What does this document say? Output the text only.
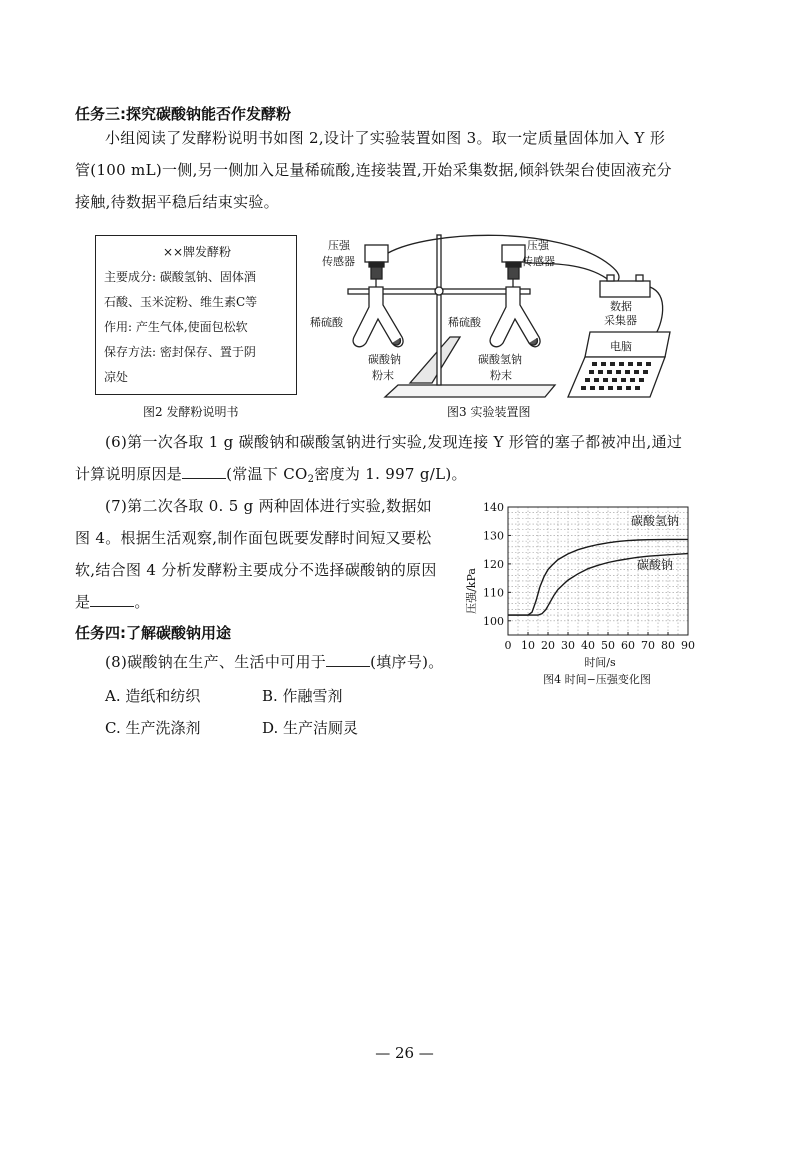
任务三:探究碳酸钠能否作发酵粉
小组阅读了发酵粉说明书如图 2,设计了实验装置如图 3。取一定质量固体加入 Y 形
管(100 mL)一侧,另一侧加入足量稀硫酸,连接装置,开始采集数据,倾斜铁架台使固液充分
接触,待数据平稳后结束实验。
××牌发酵粉
主要成分: 碳酸氢钠、固体酒
石酸、玉米淀粉、维生素C等
作用: 产生气体,使面包松软
保存方法: 密封保存、置于阴
凉处
图2 发酵粉说明书
压强
传感器
压强
传感器
稀硫酸	稀硫酸
碳酸钠
粉末
碳酸氢钠
粉末
数据
采集器
电脑
图3 实验装置图
(6)第一次各取 1 g 碳酸钠和碳酸氢钠进行实验,发现连接 Y 形管的塞子都被冲出,通过
计算说明原因是	(常温下 $CO_2$密度为 1. 997 g/L)。
(7)第二次各取 0. 5 g 两种固体进行实验,数据如
图 4。根据生活观察,制作面包既要发酵时间短又要松
软,结合图 4 分析发酵粉主要成分不选择碳酸钠的原因
是	。
0 10 20 30 40 50 60 70 80 90
100
110
120
130
140
压强/kPa
时间/s
碳酸氢钠
碳酸钠
图4 时间−压强变化图
任务四:了解碳酸钠用途
(8)碳酸钠在生产、生活中可用于	(填序号)。
A. 造纸和纺织	B. 作融雪剂
C. 生产洗涤剂	D. 生产洁厕灵
— 26 —
